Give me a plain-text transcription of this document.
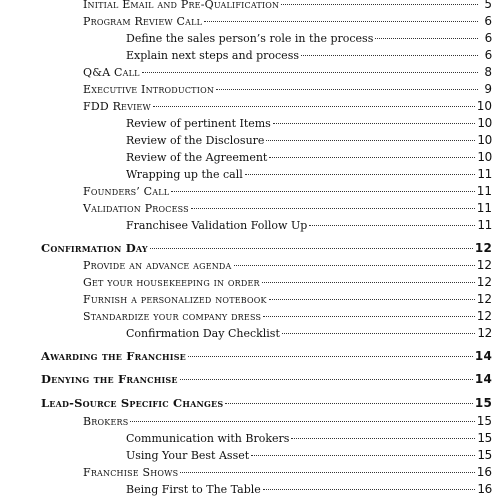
Initial Email and Pre-Qualification	5
Program Review Call	6
Define the sales person’s role in the process	6
Explain next steps and process	6
Q&A Call	8
Executive Introduction	9
FDD Review	10
Review of pertinent Items	10
Review of the Disclosure	10
Review of the Agreement	10
Wrapping up the call	11
Founders’ Call	11
Validation Process	11
Franchisee Validation Follow Up	11
Confirmation Day	12
Provide an advance agenda	12
Get your housekeeping in order	12
Furnish a personalized notebook	12
Standardize your company dress	12
Confirmation Day Checklist	12
Awarding the Franchise	14
Denying the Franchise	14
Lead-Source Specific Changes	15
Brokers	15
Communication with Brokers	15
Using Your Best Asset	15
Franchise Shows	16
Being First to The Table	16
